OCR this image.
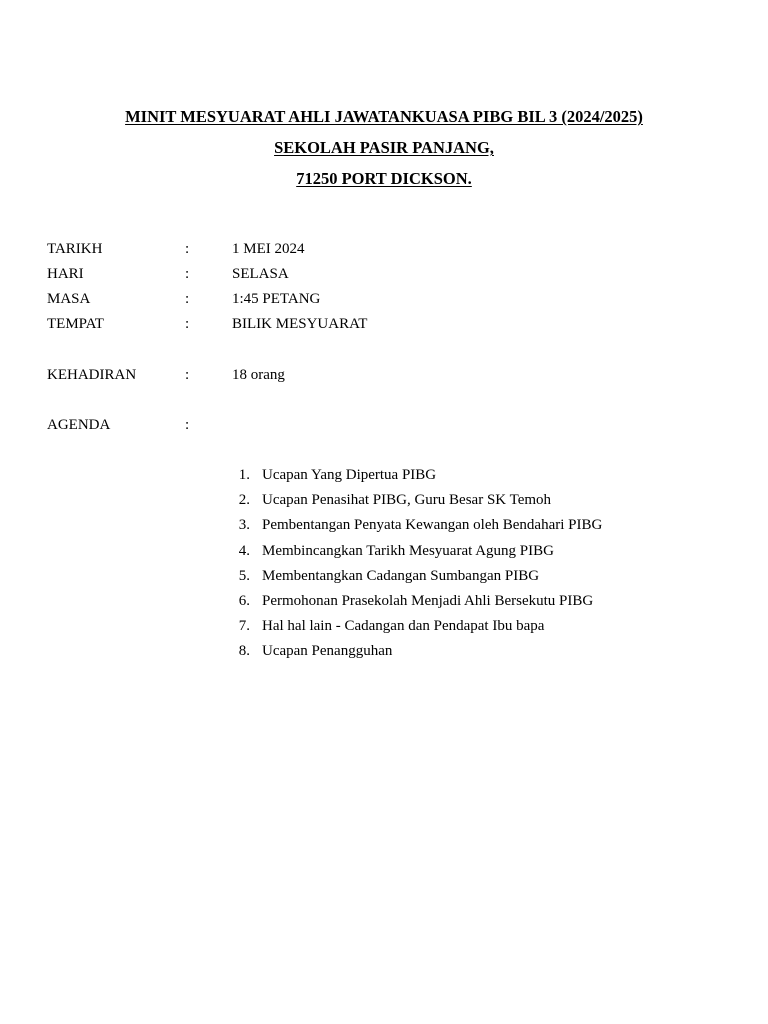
MINIT MESYUARAT AHLI JAWATANKUASA PIBG BIL 3 (2024/2025)
SEKOLAH PASIR PANJANG,
71250 PORT DICKSON.
TARIKH	:	1 MEI 2024
HARI	:	SELASA
MASA	:	1:45 PETANG
TEMPAT	:	BILIK MESYUARAT
KEHADIRAN	:	18 orang
AGENDA	:
1. Ucapan Yang Dipertua PIBG
2. Ucapan Penasihat PIBG, Guru Besar SK Temoh
3. Pembentangan Penyata Kewangan oleh Bendahari PIBG
4. Membincangkan Tarikh Mesyuarat Agung PIBG
5. Membentangkan Cadangan Sumbangan PIBG
6. Permohonan Prasekolah Menjadi Ahli Bersekutu PIBG
7. Hal hal lain - Cadangan dan Pendapat Ibu bapa
8. Ucapan Penangguhan
